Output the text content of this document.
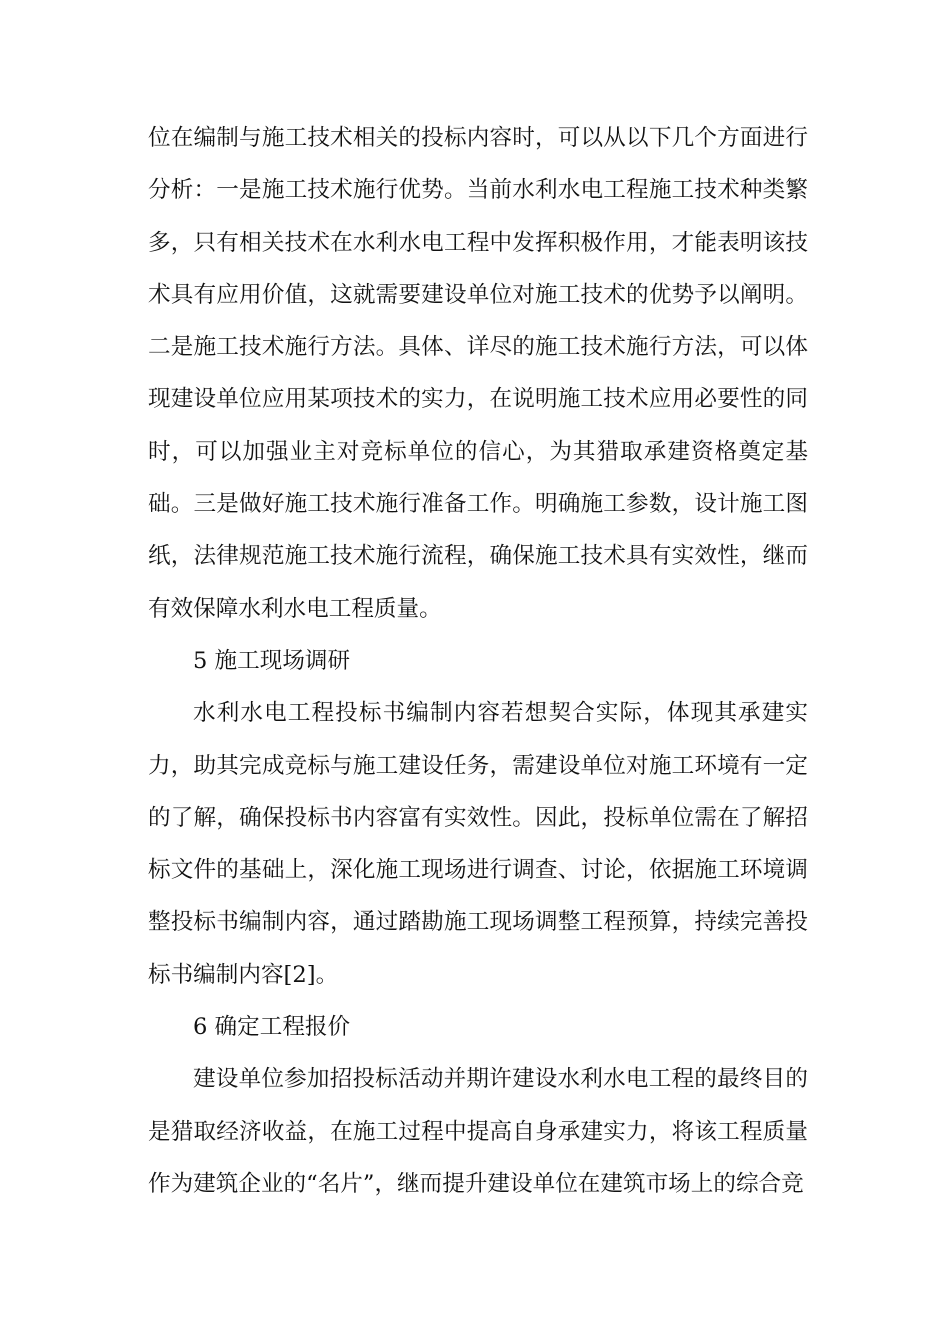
位在编制与施工技术相关的投标内容时，可以从以下几个方面进行分析：一是施工技术施行优势。当前水利水电工程施工技术种类繁多，只有相关技术在水利水电工程中发挥积极作用，才能表明该技术具有应用价值，这就需要建设单位对施工技术的优势予以阐明。二是施工技术施行方法。具体、详尽的施工技术施行方法，可以体现建设单位应用某项技术的实力，在说明施工技术应用必要性的同时，可以加强业主对竞标单位的信心，为其猎取承建资格奠定基础。三是做好施工技术施行准备工作。明确施工参数，设计施工图纸，法律规范施工技术施行流程，确保施工技术具有实效性，继而有效保障水利水电工程质量。

5 施工现场调研

水利水电工程投标书编制内容若想契合实际，体现其承建实力，助其完成竞标与施工建设任务，需建设单位对施工环境有一定的了解，确保投标书内容富有实效性。因此，投标单位需在了解招标文件的基础上，深化施工现场进行调查、讨论，依据施工环境调整投标书编制内容，通过踏勘施工现场调整工程预算，持续完善投标书编制内容[2]。

6 确定工程报价

建设单位参加招投标活动并期许建设水利水电工程的最终目的是猎取经济收益，在施工过程中提高自身承建实力，将该工程质量作为建筑企业的“名片”，继而提升建设单位在建筑市场上的综合竞
